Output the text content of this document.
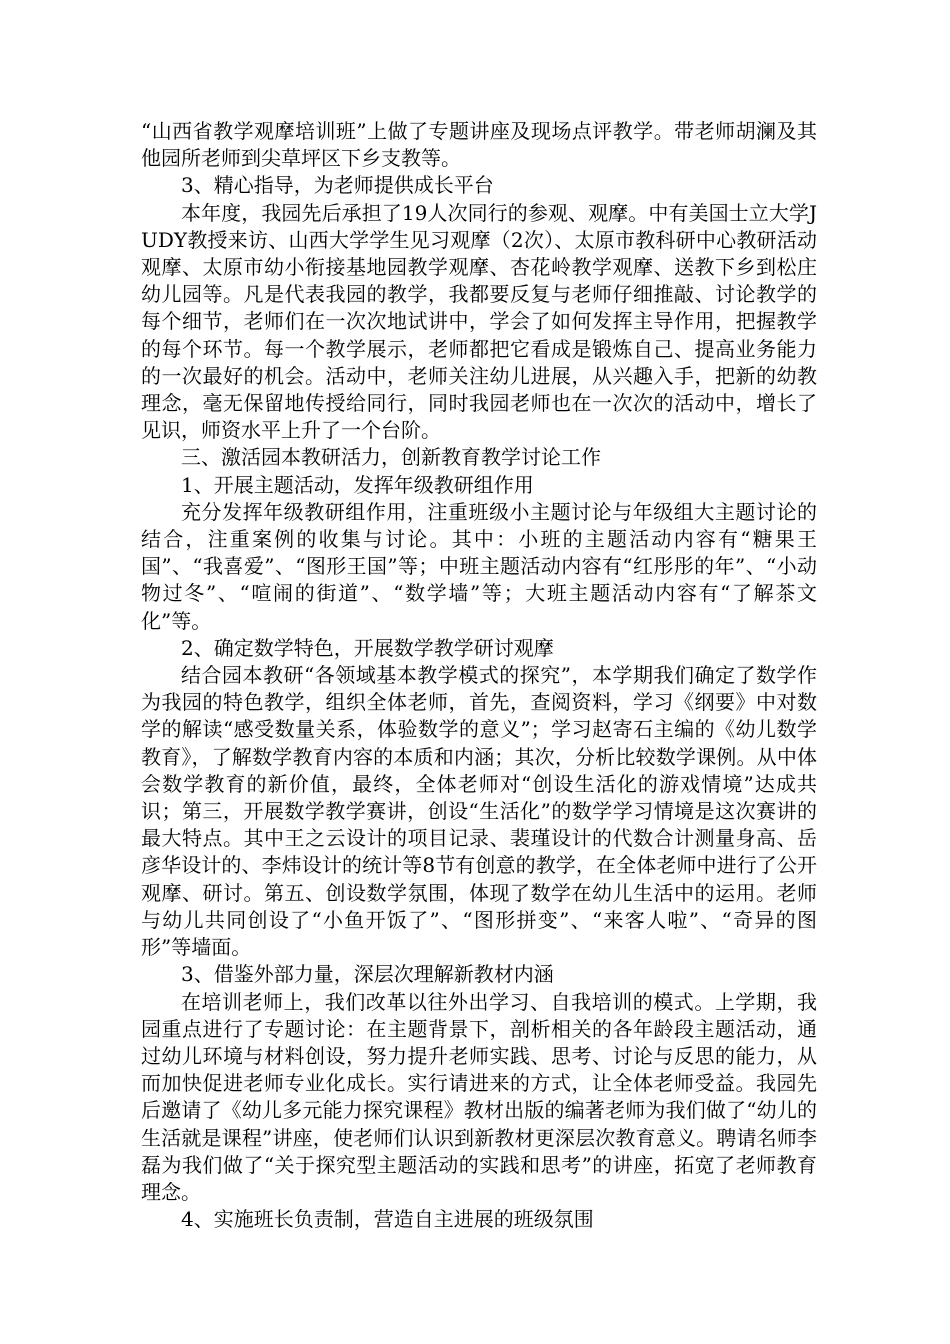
“山西省教学观摩培训班”上做了专题讲座及现场点评教学。带老师胡澜及其他园所老师到尖草坪区下乡支教等。

3、精心指导，为老师提供成长平台

本年度，我园先后承担了19人次同行的参观、观摩。中有美国士立大学JUDY教授来访、山西大学学生见习观摩（2次）、太原市教科研中心教研活动观摩、太原市幼小衔接基地园教学观摩、杏花岭教学观摩、送教下乡到松庄幼儿园等。凡是代表我园的教学，我都要反复与老师仔细推敲、讨论教学的每个细节，老师们在一次次地试讲中，学会了如何发挥主导作用，把握教学的每个环节。每一个教学展示，老师都把它看成是锻炼自己、提高业务能力的一次最好的机会。活动中，老师关注幼儿进展，从兴趣入手，把新的幼教理念，毫无保留地传授给同行，同时我园老师也在一次次的活动中，增长了见识，师资水平上升了一个台阶。

三、激活园本教研活力，创新教育教学讨论工作

1、开展主题活动，发挥年级教研组作用

充分发挥年级教研组作用，注重班级小主题讨论与年级组大主题讨论的结合，注重案例的收集与讨论。其中：小班的主题活动内容有“糖果王国”、“我喜爱”、“图形王国”等；中班主题活动内容有“红彤彤的年”、“小动物过冬”、“喧闹的街道”、“数学墙”等；大班主题活动内容有“了解茶文化”等。

2、确定数学特色，开展数学教学研讨观摩

结合园本教研“各领域基本教学模式的探究”，本学期我们确定了数学作为我园的特色教学，组织全体老师，首先，查阅资料，学习《纲要》中对数学的解读“感受数量关系，体验数学的意义”；学习赵寄石主编的《幼儿数学教育》，了解数学教育内容的本质和内涵；其次，分析比较数学课例。从中体会数学教育的新价值，最终，全体老师对“创设生活化的游戏情境”达成共识；第三，开展数学教学赛讲，创设“生活化”的数学学习情境是这次赛讲的最大特点。其中王之云设计的项目记录、裴瑾设计的代数合计测量身高、岳彦华设计的、李炜设计的统计等8节有创意的教学，在全体老师中进行了公开观摩、研讨。第五、创设数学氛围，体现了数学在幼儿生活中的运用。老师与幼儿共同创设了“小鱼开饭了”、“图形拼变”、“来客人啦”、“奇异的图形”等墙面。

3、借鉴外部力量，深层次理解新教材内涵

在培训老师上，我们改革以往外出学习、自我培训的模式。上学期，我园重点进行了专题讨论：在主题背景下，剖析相关的各年龄段主题活动，通过幼儿环境与材料创设，努力提升老师实践、思考、讨论与反思的能力，从而加快促进老师专业化成长。实行请进来的方式，让全体老师受益。我园先后邀请了《幼儿多元能力探究课程》教材出版的编著老师为我们做了“幼儿的生活就是课程”讲座，使老师们认识到新教材更深层次教育意义。聘请名师李磊为我们做了“关于探究型主题活动的实践和思考”的讲座，拓宽了老师教育理念。

4、实施班长负责制，营造自主进展的班级氛围
